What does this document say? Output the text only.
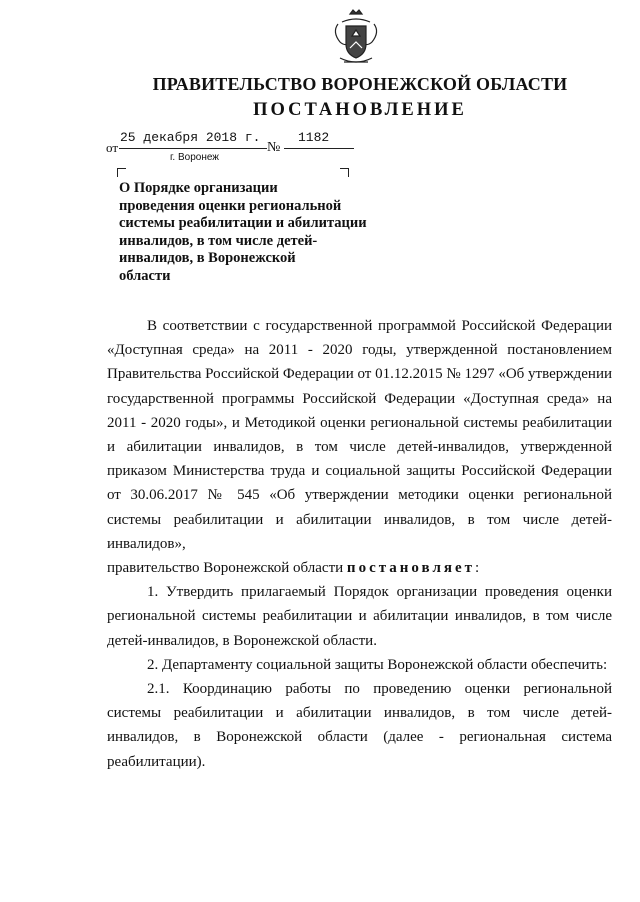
ПРАВИТЕЛЬСТВО ВОРОНЕЖСКОЙ ОБЛАСТИ
ПОСТАНОВЛЕНИЕ
от
25 декабря 2018 г.
№
1182
г. Воронеж
О Порядке организации
проведения оценки региональной
системы реабилитации и абилитации
инвалидов, в том числе детей-
инвалидов, в Воронежской
области

В соответствии с государственной программой Российской Федерации «Доступная среда» на 2011 - 2020 годы, утвержденной постановлением Правительства Российской Федерации от 01.12.2015 № 1297 «Об утверждении государственной программы Российской Федерации «Доступная среда» на 2011 - 2020 годы», и Методикой оценки региональной системы реабилитации и абилитации инвалидов, в том числе детей-инвалидов, утвержденной приказом Министерства труда и социальной защиты Российской Федерации от 30.06.2017 № 545 «Об утверждении методики оценки региональной системы реабилитации и абилитации инвалидов, в том числе детей-инвалидов»,

правительство Воронежской области постановляет:

1. Утвердить прилагаемый Порядок организации проведения оценки региональной системы реабилитации и абилитации инвалидов, в том числе детей-инвалидов, в Воронежской области.

2. Департаменту социальной защиты Воронежской области обеспечить:

2.1. Координацию работы по проведению оценки региональной системы реабилитации и абилитации инвалидов, в том числе детей-инвалидов, в Воронежской области (далее - региональная система реабилитации).
